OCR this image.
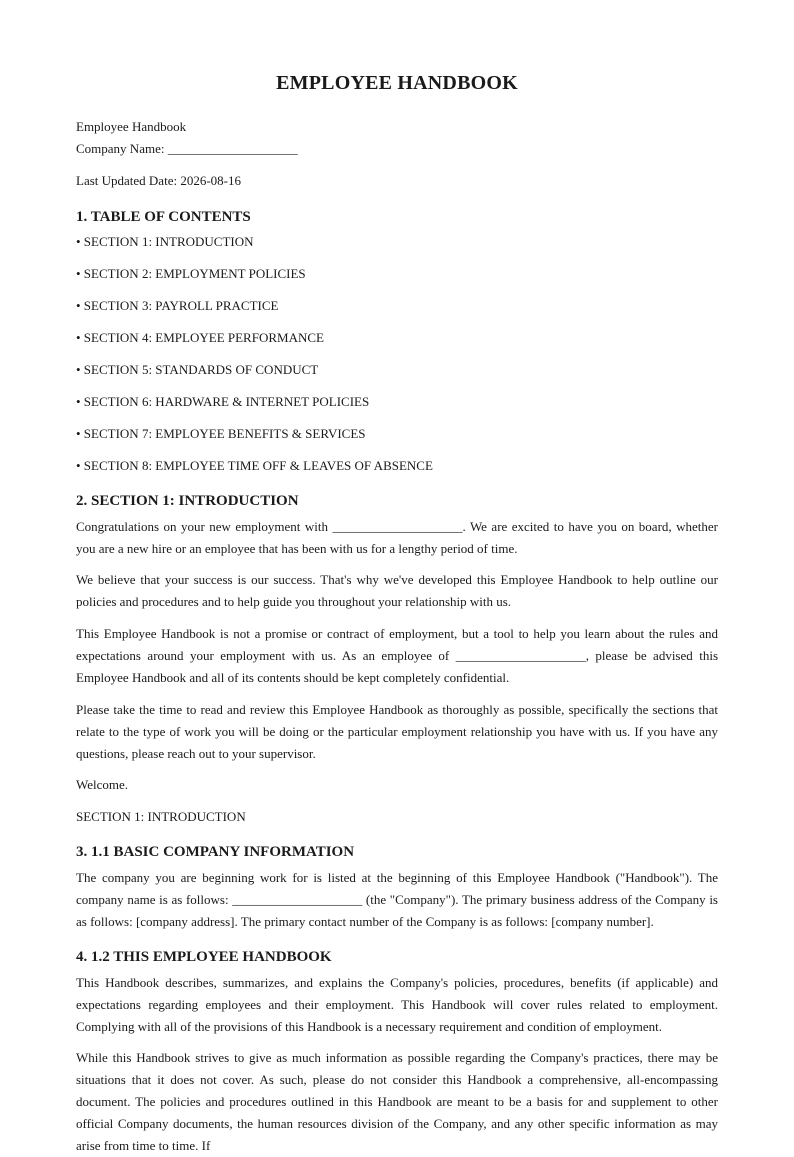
EMPLOYEE HANDBOOK

Employee Handbook

Company Name: ____________________

Last Updated Date: 2026-08-16

1. TABLE OF CONTENTS

• SECTION 1: INTRODUCTION

• SECTION 2: EMPLOYMENT POLICIES

• SECTION 3: PAYROLL PRACTICE

• SECTION 4: EMPLOYEE PERFORMANCE

• SECTION 5: STANDARDS OF CONDUCT

• SECTION 6: HARDWARE & INTERNET POLICIES

• SECTION 7: EMPLOYEE BENEFITS & SERVICES

• SECTION 8: EMPLOYEE TIME OFF & LEAVES OF ABSENCE

2. SECTION 1: INTRODUCTION

Congratulations on your new employment with ____________________. We are excited to have you on board, whether you are a new hire or an employee that has been with us for a lengthy period of time.

We believe that your success is our success. That's why we've developed this Employee Handbook to help outline our policies and procedures and to help guide you throughout your relationship with us.

This Employee Handbook is not a promise or contract of employment, but a tool to help you learn about the rules and expectations around your employment with us. As an employee of ____________________, please be advised this Employee Handbook and all of its contents should be kept completely confidential.

Please take the time to read and review this Employee Handbook as thoroughly as possible, specifically the sections that relate to the type of work you will be doing or the particular employment relationship you have with us. If you have any questions, please reach out to your supervisor.

Welcome.

SECTION 1: INTRODUCTION

3. 1.1 BASIC COMPANY INFORMATION

The company you are beginning work for is listed at the beginning of this Employee Handbook ("Handbook"). The company name is as follows: ____________________ (the "Company"). The primary business address of the Company is as follows: [company address]. The primary contact number of the Company is as follows: [company number].

4. 1.2 THIS EMPLOYEE HANDBOOK

This Handbook describes, summarizes, and explains the Company's policies, procedures, benefits (if applicable) and expectations regarding employees and their employment. This Handbook will cover rules related to employment. Complying with all of the provisions of this Handbook is a necessary requirement and condition of employment.

While this Handbook strives to give as much information as possible regarding the Company's practices, there may be situations that it does not cover. As such, please do not consider this Handbook a comprehensive, all-encompassing document. The policies and procedures outlined in this Handbook are meant to be a basis for and supplement to other official Company documents, the human resources division of the Company, and any other specific information as may arise from time to time. If
